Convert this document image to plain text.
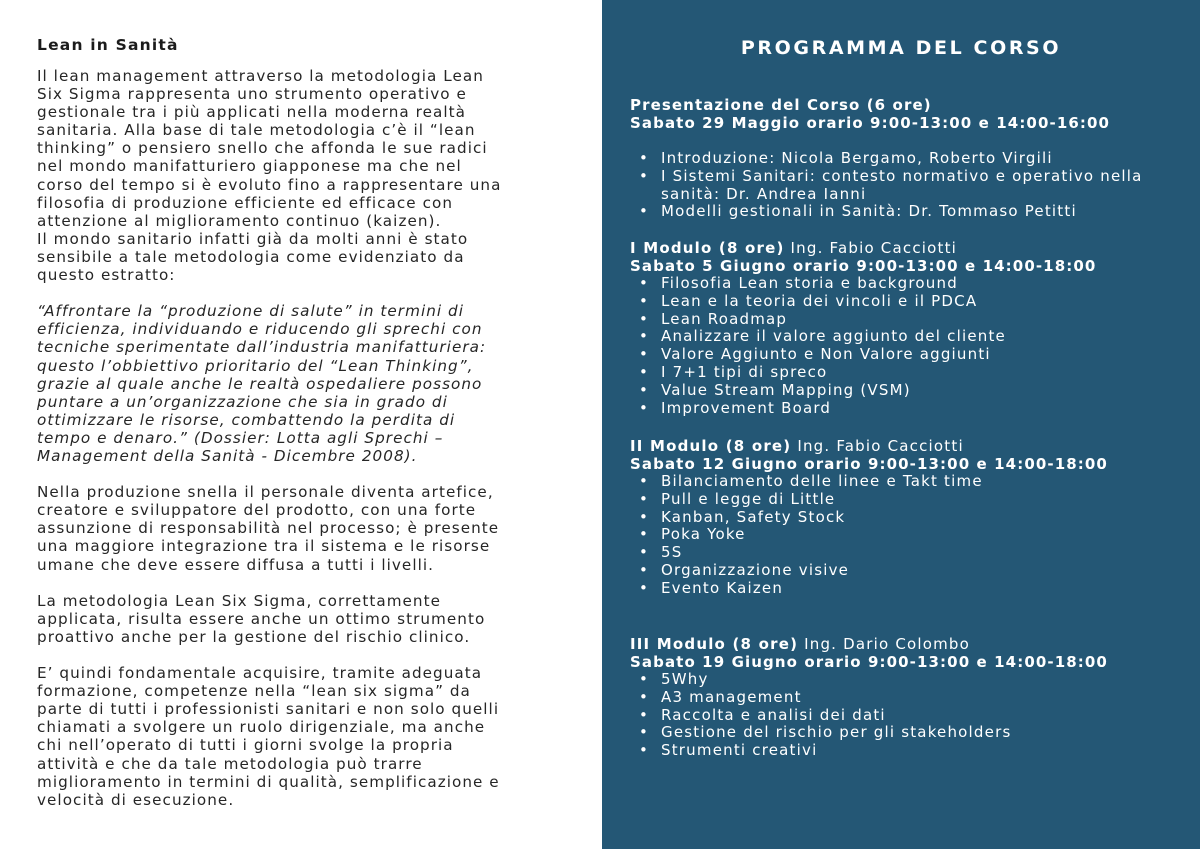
Lean in Sanità
Il lean management attraverso la metodologia Lean
Six Sigma rappresenta uno strumento operativo e
gestionale tra i più applicati nella moderna realtà
sanitaria. Alla base di tale metodologia c’è il “lean
thinking” o pensiero snello che affonda le sue radici
nel mondo manifatturiero giapponese ma che nel
corso del tempo si è evoluto fino a rappresentare una
filosofia di produzione efficiente ed efficace con
attenzione al miglioramento continuo (kaizen).
Il mondo sanitario infatti già da molti anni è stato
sensibile a tale metodologia come evidenziato da
questo estratto:
“Affrontare la “produzione di salute” in termini di
efficienza, individuando e riducendo gli sprechi con
tecniche sperimentate dall’industria manifatturiera:
questo l’obbiettivo prioritario del “Lean Thinking”,
grazie al quale anche le realtà ospedaliere possono
puntare a un’organizzazione che sia in grado di
ottimizzare le risorse, combattendo la perdita di
tempo e denaro.” (Dossier: Lotta agli Sprechi –
Management della Sanità - Dicembre 2008).
Nella produzione snella il personale diventa artefice,
creatore e sviluppatore del prodotto, con una forte
assunzione di responsabilità nel processo; è presente
una maggiore integrazione tra il sistema e le risorse
umane che deve essere diffusa a tutti i livelli.
La metodologia Lean Six Sigma, correttamente
applicata, risulta essere anche un ottimo strumento
proattivo anche per la gestione del rischio clinico.
E’ quindi fondamentale acquisire, tramite adeguata
formazione, competenze nella “lean six sigma” da
parte di tutti i professionisti sanitari e non solo quelli
chiamati a svolgere un ruolo dirigenziale, ma anche
chi nell’operato di tutti i giorni svolge la propria
attività e che da tale metodologia può trarre
miglioramento in termini di qualità, semplificazione e
velocità di esecuzione.
PROGRAMMA DEL CORSO
Presentazione del Corso (6 ore)
Sabato 29 Maggio orario 9:00-13:00 e 14:00-16:00
• Introduzione: Nicola Bergamo, Roberto Virgili
• I Sistemi Sanitari: contesto normativo e operativo nella sanità: Dr. Andrea Ianni
• Modelli gestionali in Sanità: Dr. Tommaso Petitti
I Modulo (8 ore) Ing. Fabio Cacciotti
Sabato 5 Giugno orario 9:00-13:00 e 14:00-18:00
• Filosofia Lean storia e background
• Lean e la teoria dei vincoli e il PDCA
• Lean Roadmap
• Analizzare il valore aggiunto del cliente
• Valore Aggiunto e Non Valore aggiunti
• I 7+1 tipi di spreco
• Value Stream Mapping (VSM)
• Improvement Board
II Modulo (8 ore) Ing. Fabio Cacciotti
Sabato 12 Giugno orario 9:00-13:00 e 14:00-18:00
• Bilanciamento delle linee e Takt time
• Pull e legge di Little
• Kanban, Safety Stock
• Poka Yoke
• 5S
• Organizzazione visive
• Evento Kaizen
III Modulo (8 ore) Ing. Dario Colombo
Sabato 19 Giugno orario 9:00-13:00 e 14:00-18:00
• 5Why
• A3 management
• Raccolta e analisi dei dati
• Gestione del rischio per gli stakeholders
• Strumenti creativi
